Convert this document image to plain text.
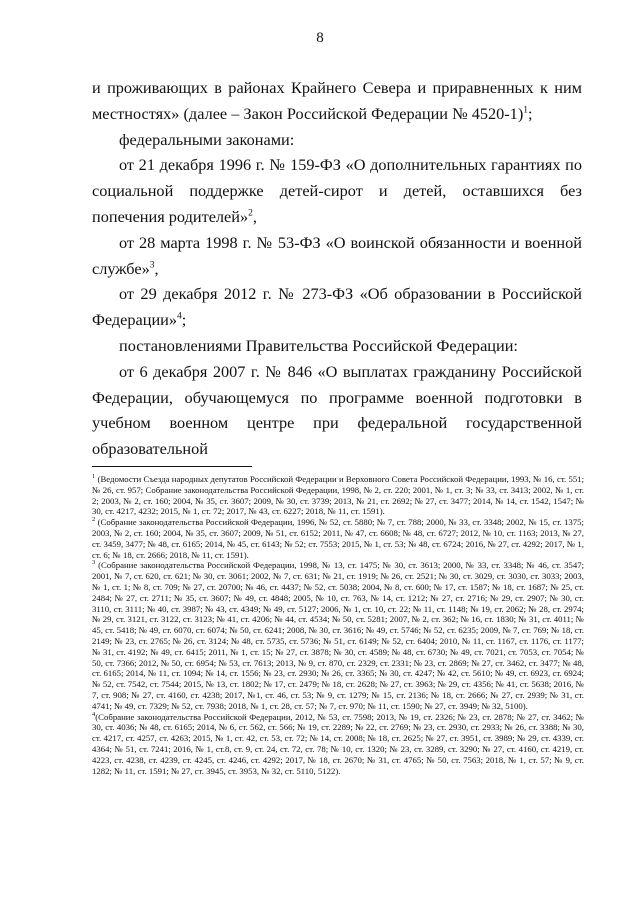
8

и проживающих в районах Крайнего Севера и приравненных к ним местностях» (далее – Закон Российской Федерации № 4520-1)$^1$;

федеральными законами:

от 21 декабря 1996 г. № 159-ФЗ «О дополнительных гарантиях по социальной поддержке детей-сирот и детей, оставшихся без попечения родителей»$^2$,

от 28 марта 1998 г. № 53-ФЗ «О воинской обязанности и военной службе»$^3$,

от 29 декабря 2012 г. № 273-ФЗ «Об образовании в Российской Федерации»$^4$;

постановлениями Правительства Российской Федерации:

от 6 декабря 2007 г. № 846 «О выплатах гражданину Российской Федерации, обучающемуся по программе военной подготовки в учебном военном центре при федеральной государственной образовательной

$^1$ (Ведомости Съезда народных депутатов Российской Федерации и Верховного Совета Российской Федерации, 1993, № 16, ст. 551; № 26, ст. 957; Собрание законодательства Российской Федерации, 1998, № 2, ст. 220; 2001, № 1, ст. 3; № 33, ст. 3413; 2002, № 1, ст. 2; 2003, № 2, ст. 160; 2004, № 35, ст. 3607; 2009, № 30, ст. 3739; 2013, № 21, ст. 2692; № 27, ст. 3477; 2014, № 14, ст. 1542, 1547; № 30, ст. 4217, 4232; 2015, № 1, ст. 72; 2017, № 43, ст. 6227; 2018, № 11, ст. 1591).

$^2$ (Собрание законодательства Российской Федерации, 1996, № 52, ст. 5880; № 7, ст. 788; 2000, № 33, ст. 3348; 2002, № 15, ст. 1375; 2003, № 2, ст. 160; 2004, № 35, ст. 3607; 2009, № 51, ст. 6152; 2011, № 47, ст. 6608; № 48, ст. 6727; 2012, № 10, ст. 1163; 2013, № 27, ст. 3459, 3477; № 48, ст. 6165; 2014, № 45, ст. 6143; № 52; ст. 7553; 2015, № 1, ст. 53; № 48, ст. 6724; 2016, № 27, ст. 4292; 2017, № 1, ст. 6; № 18, ст. 2666; 2018, № 11, ст. 1591).

$^3$ (Собрание законодательства Российской Федерации, 1998, № 13, ст. 1475; № 30, ст. 3613; 2000, № 33, ст. 3348; № 46, ст. 3547; 2001, № 7, ст. 620, ст. 621; № 30, ст. 3061; 2002, № 7, ст. 631; № 21, ст. 1919; № 26, ст. 2521; № 30, ст. 3029, ст. 3030, ст. 3033; 2003, № 1, ст. 1; № 8, ст. 709; № 27, ст. 20700; № 46, ст. 4437; № 52, ст. 5038; 2004, № 8, ст. 600; № 17, ст. 1587; № 18, ст. 1687; № 25, ст. 2484; № 27, ст. 2711; № 35, ст. 3607; № 49, ст. 4848; 2005, № 10, ст. 763, № 14, ст. 1212; № 27, ст. 2716; № 29, ст. 2907; № 30, ст. 3110, ст. 3111; № 40, ст. 3987; № 43, ст. 4349; № 49, ст. 5127; 2006, № 1, ст. 10, ст. 22; № 11, ст. 1148; № 19, ст. 2062; № 28, ст. 2974; № 29, ст. 3121, ст. 3122, ст. 3123; № 41, ст. 4206; № 44, ст. 4534; № 50, ст. 5281; 2007, № 2, ст. 362; № 16, ст. 1830; № 31, ст. 4011; № 45, ст. 5418; № 49, ст. 6070, ст. 6074; № 50, ст. 6241; 2008, № 30, ст. 3616; № 49, ст. 5746; № 52, ст. 6235; 2009, № 7, ст. 769; № 18, ст. 2149; № 23, ст. 2765; № 26, ст. 3124; № 48, ст. 5735, ст. 5736; № 51, ст. 6149; № 52, ст. 6404; 2010, № 11, ст. 1167, ст. 1176, ст. 1177; № 31, ст. 4192; № 49, ст. 6415; 2011, № 1, ст. 15; № 27, ст. 3878; № 30, ст. 4589; № 48, ст. 6730; № 49, ст. 7021, ст. 7053, ст. 7054; № 50, ст. 7366; 2012, № 50, ст. 6954; № 53, ст. 7613; 2013, № 9, ст. 870, ст. 2329, ст. 2331; № 23, ст. 2869; № 27, ст. 3462, ст. 3477; № 48, ст. 6165; 2014, № 11, ст. 1094; № 14, ст. 1556; № 23, ст. 2930; № 26, ст. 3365; № 30, ст. 4247; № 42, ст. 5610; № 49, ст. 6923, ст. 6924; № 52, ст. 7542, ст. 7544; 2015, № 13, ст. 1802; № 17, ст. 2479; № 18, ст. 2628; № 27, ст. 3963; № 29, ст. 4356; № 41, ст. 5638; 2016, № 7, ст. 908; № 27, ст. 4160, ст. 4238; 2017, №1, ст. 46, ст. 53; № 9, ст. 1279; № 15, ст. 2136; № 18, ст. 2666; № 27, ст. 2939; № 31, ст. 4741; № 49, ст. 7329; № 52, ст. 7938; 2018, № 1, ст. 28, ст. 57; № 7, ст. 970; № 11, ст. 1590; № 27, ст. 3949; № 32, 5100).

$^4$(Собрание законодательства Российской Федерации, 2012, № 53, ст. 7598; 2013, № 19, ст. 2326; № 23, ст. 2878; № 27, ст. 3462; № 30, ст. 4036; № 48, ст. 6165; 2014, № 6, ст. 562, ст. 566; № 19, ст. 2289; № 22, ст. 2769; № 23, ст. 2930, ст. 2933; № 26, ст. 3388; № 30, ст. 4217, ст. 4257, ст. 4263; 2015, № 1, ст. 42, ст. 53, ст. 72; № 14, ст. 2008; № 18, ст. 2625; № 27, ст. 3951, ст. 3989; № 29, ст. 4339, ст. 4364; № 51, ст. 7241; 2016, № 1, ст.8, ст. 9, ст. 24, ст. 72, ст. 78; № 10, ст. 1320; № 23, ст. 3289, ст. 3290; № 27, ст. 4160, ст. 4219, ст. 4223, ст. 4238, ст. 4239, ст. 4245, ст. 4246, ст. 4292; 2017, № 18, ст. 2670; № 31, ст. 4765; № 50, ст. 7563; 2018, № 1, ст. 57; № 9, ст. 1282; № 11, ст. 1591; № 27, ст. 3945, ст. 3953, № 32, ст. 5110, 5122).
